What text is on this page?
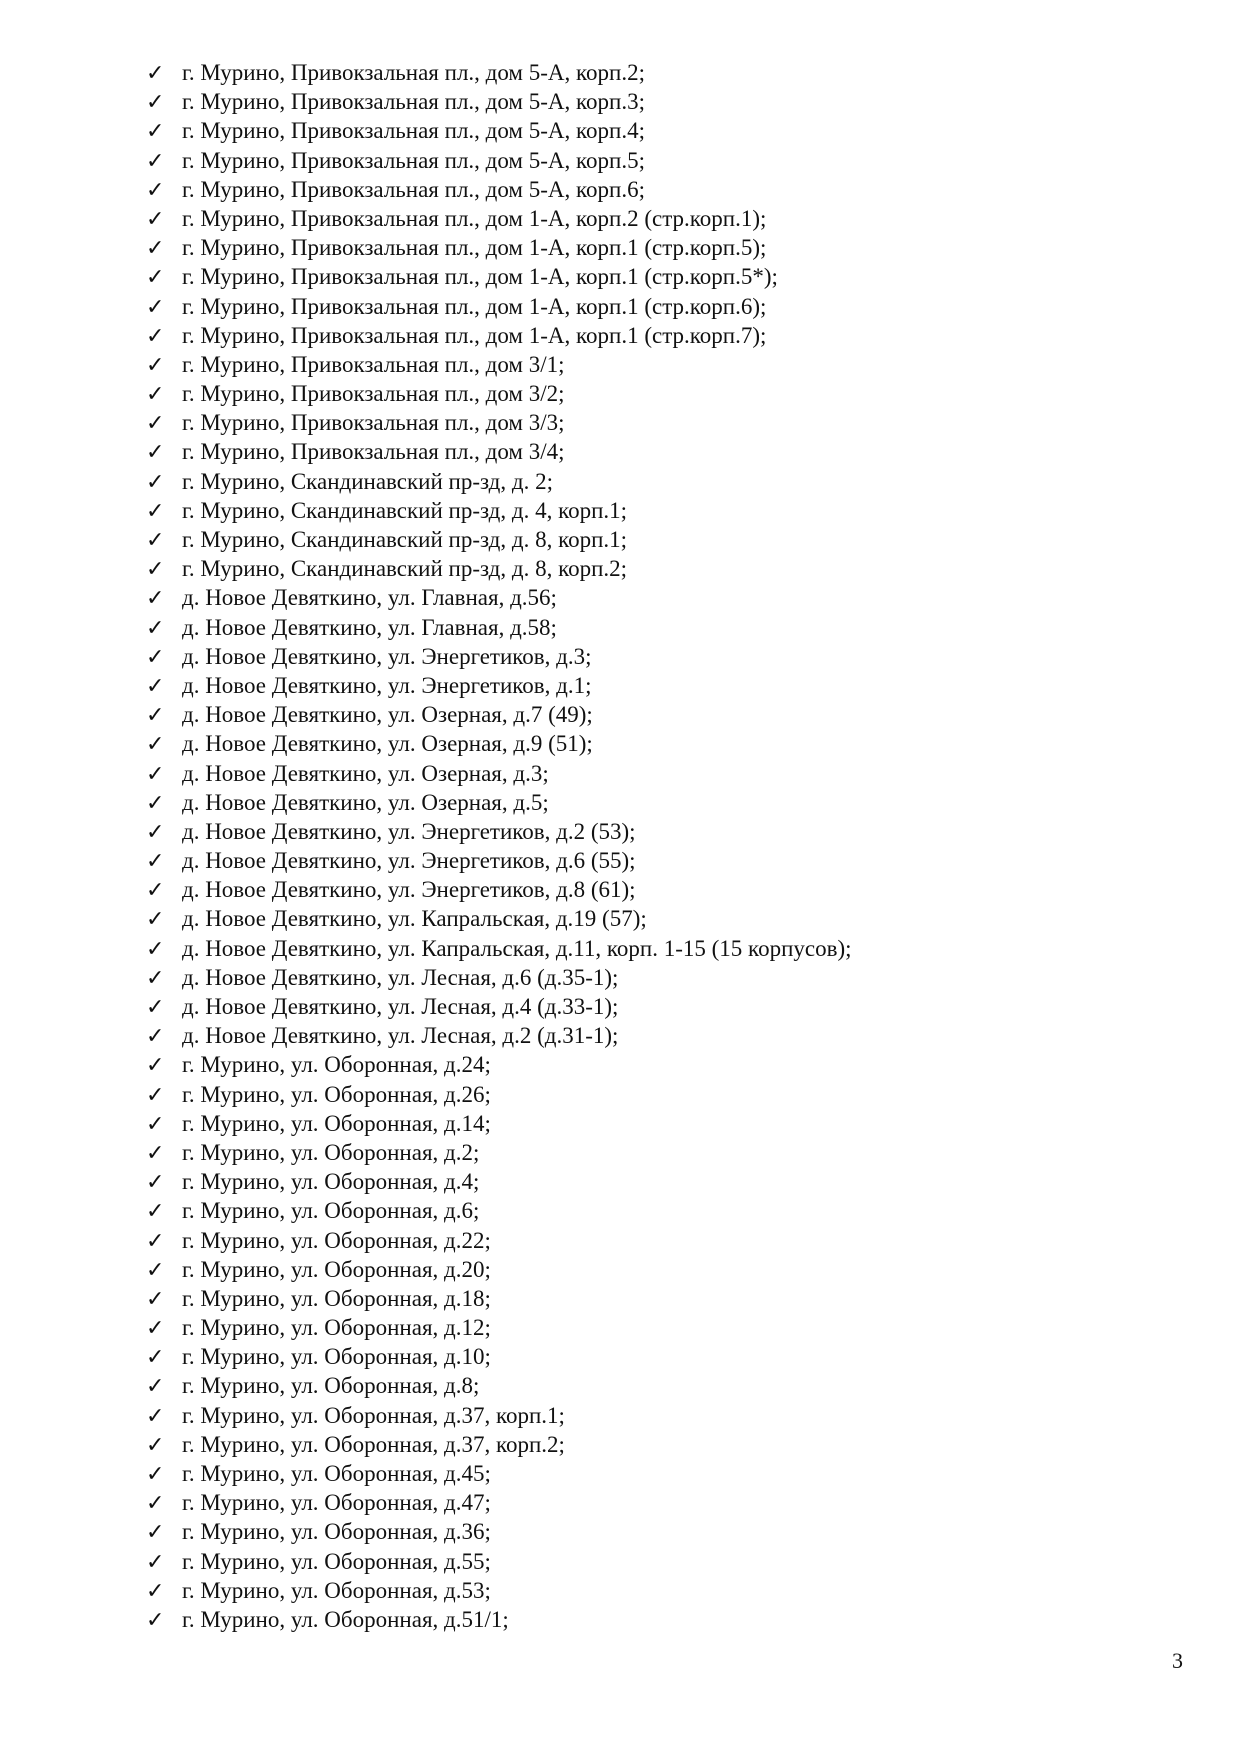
✓ г. Мурино, Привокзальная пл., дом 5-А, корп.2;
✓ г. Мурино, Привокзальная пл., дом 5-А, корп.3;
✓ г. Мурино, Привокзальная пл., дом 5-А, корп.4;
✓ г. Мурино, Привокзальная пл., дом 5-А, корп.5;
✓ г. Мурино, Привокзальная пл., дом 5-А, корп.6;
✓ г. Мурино, Привокзальная пл., дом 1-А, корп.2 (стр.корп.1);
✓ г. Мурино, Привокзальная пл., дом 1-А, корп.1 (стр.корп.5);
✓ г. Мурино, Привокзальная пл., дом 1-А, корп.1 (стр.корп.5*);
✓ г. Мурино, Привокзальная пл., дом 1-А, корп.1 (стр.корп.6);
✓ г. Мурино, Привокзальная пл., дом 1-А, корп.1 (стр.корп.7);
✓ г. Мурино, Привокзальная пл., дом 3/1;
✓ г. Мурино, Привокзальная пл., дом 3/2;
✓ г. Мурино, Привокзальная пл., дом 3/3;
✓ г. Мурино, Привокзальная пл., дом 3/4;
✓ г. Мурино, Скандинавский пр-зд, д. 2;
✓ г. Мурино, Скандинавский пр-зд, д. 4, корп.1;
✓ г. Мурино, Скандинавский пр-зд, д. 8, корп.1;
✓ г. Мурино, Скандинавский пр-зд, д. 8, корп.2;
✓ д. Новое Девяткино, ул. Главная, д.56;
✓ д. Новое Девяткино, ул. Главная, д.58;
✓ д. Новое Девяткино, ул. Энергетиков, д.3;
✓ д. Новое Девяткино, ул. Энергетиков, д.1;
✓ д. Новое Девяткино, ул. Озерная, д.7 (49);
✓ д. Новое Девяткино, ул. Озерная, д.9 (51);
✓ д. Новое Девяткино, ул. Озерная, д.3;
✓ д. Новое Девяткино, ул. Озерная, д.5;
✓ д. Новое Девяткино, ул. Энергетиков, д.2 (53);
✓ д. Новое Девяткино, ул. Энергетиков, д.6 (55);
✓ д. Новое Девяткино, ул. Энергетиков, д.8 (61);
✓ д. Новое Девяткино, ул. Капральская, д.19 (57);
✓ д. Новое Девяткино, ул. Капральская, д.11, корп. 1-15 (15 корпусов);
✓ д. Новое Девяткино, ул. Лесная, д.6 (д.35-1);
✓ д. Новое Девяткино, ул. Лесная, д.4 (д.33-1);
✓ д. Новое Девяткино, ул. Лесная, д.2 (д.31-1);
✓ г. Мурино, ул. Оборонная, д.24;
✓ г. Мурино, ул. Оборонная, д.26;
✓ г. Мурино, ул. Оборонная, д.14;
✓ г. Мурино, ул. Оборонная, д.2;
✓ г. Мурино, ул. Оборонная, д.4;
✓ г. Мурино, ул. Оборонная, д.6;
✓ г. Мурино, ул. Оборонная, д.22;
✓ г. Мурино, ул. Оборонная, д.20;
✓ г. Мурино, ул. Оборонная, д.18;
✓ г. Мурино, ул. Оборонная, д.12;
✓ г. Мурино, ул. Оборонная, д.10;
✓ г. Мурино, ул. Оборонная, д.8;
✓ г. Мурино, ул. Оборонная, д.37, корп.1;
✓ г. Мурино, ул. Оборонная, д.37, корп.2;
✓ г. Мурино, ул. Оборонная, д.45;
✓ г. Мурино, ул. Оборонная, д.47;
✓ г. Мурино, ул. Оборонная, д.36;
✓ г. Мурино, ул. Оборонная, д.55;
✓ г. Мурино, ул. Оборонная, д.53;
✓ г. Мурино, ул. Оборонная, д.51/1;
3
